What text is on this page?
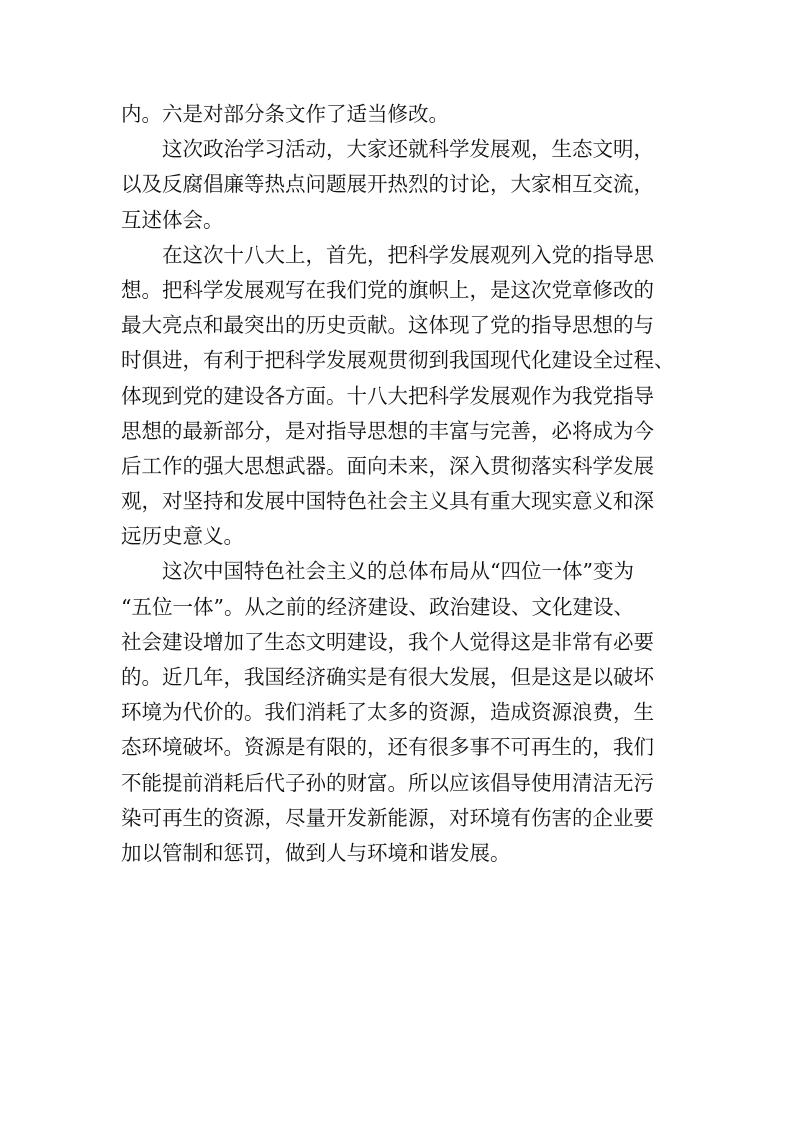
内。六是对部分条文作了适当修改。
这次政治学习活动，大家还就科学发展观，生态文明，
以及反腐倡廉等热点问题展开热烈的讨论，大家相互交流，
互述体会。
在这次十八大上，首先，把科学发展观列入党的指导思
想。把科学发展观写在我们党的旗帜上，是这次党章修改的
最大亮点和最突出的历史贡献。这体现了党的指导思想的与
时俱进，有利于把科学发展观贯彻到我国现代化建设全过程、
体现到党的建设各方面。十八大把科学发展观作为我党指导
思想的最新部分，是对指导思想的丰富与完善，必将成为今
后工作的强大思想武器。面向未来，深入贯彻落实科学发展
观，对坚持和发展中国特色社会主义具有重大现实意义和深
远历史意义。
这次中国特色社会主义的总体布局从“四位一体”变为
“五位一体”。从之前的经济建设、政治建设、文化建设、
社会建设增加了生态文明建设，我个人觉得这是非常有必要
的。近几年，我国经济确实是有很大发展，但是这是以破坏
环境为代价的。我们消耗了太多的资源，造成资源浪费，生
态环境破坏。资源是有限的，还有很多事不可再生的，我们
不能提前消耗后代子孙的财富。所以应该倡导使用清洁无污
染可再生的资源，尽量开发新能源，对环境有伤害的企业要
加以管制和惩罚，做到人与环境和谐发展。
